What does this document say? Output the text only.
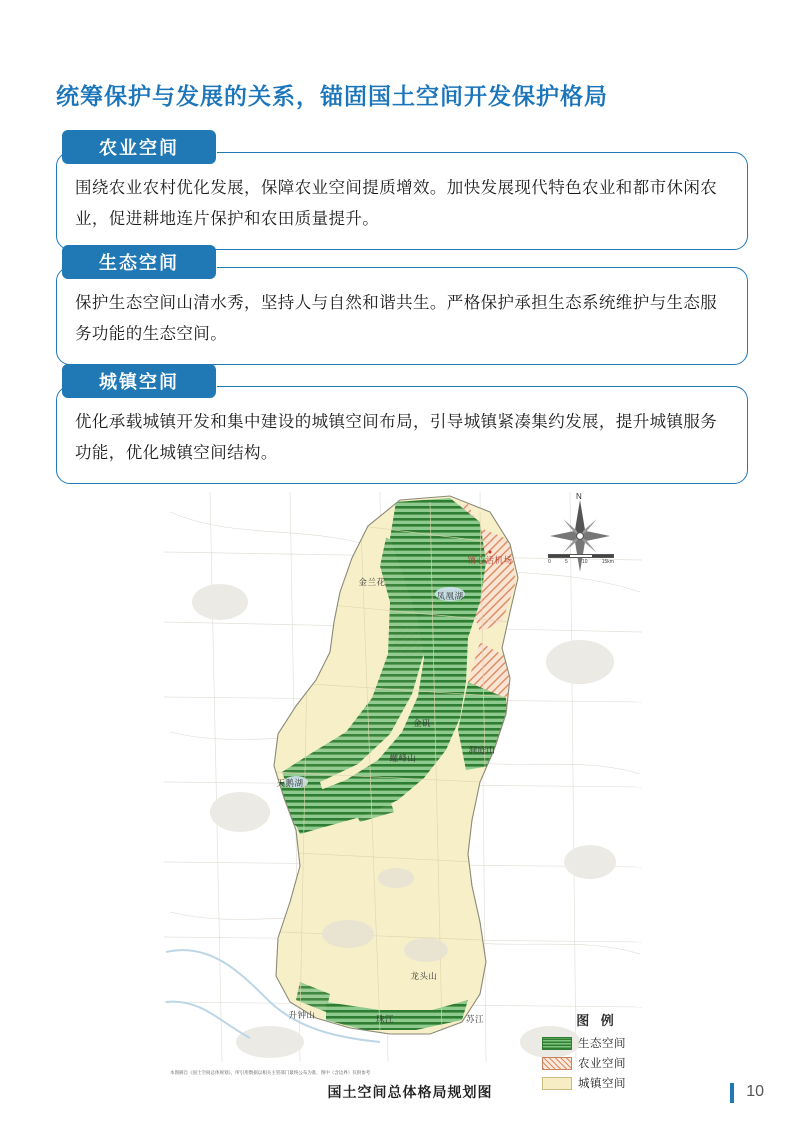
统筹保护与发展的关系，锚固国土空间开发保护格局
农业空间

围绕农业农村优化发展，保障农业空间提质增效。加快发展现代特色农业和都市休闲农业，促进耕地连片保护和农田质量提升。

生态空间

保护生态空间山清水秀，坚持人与自然和谐共生。严格保护承担生态系统维护与生态服务功能的生态空间。

城镇空间

优化承载城镇开发和集中建设的城镇空间布局，引导城镇紧凑集约发展，提升城镇服务功能，优化城镇空间结构。

N
0	5	10	15km
铺心活机场
金兰花
凤凰湖
金矶
螺峰山
洞庭山
天鹅湖
龙头山
升钟山	珠江	苏江	图 例
生态空间
农业空间
城镇空间
本图摘自《国土空间总体规划》，所引用数据以相关主管部门最终公布为准，图中（含边界）仅供参考
国土空间总体格局规划图	10
